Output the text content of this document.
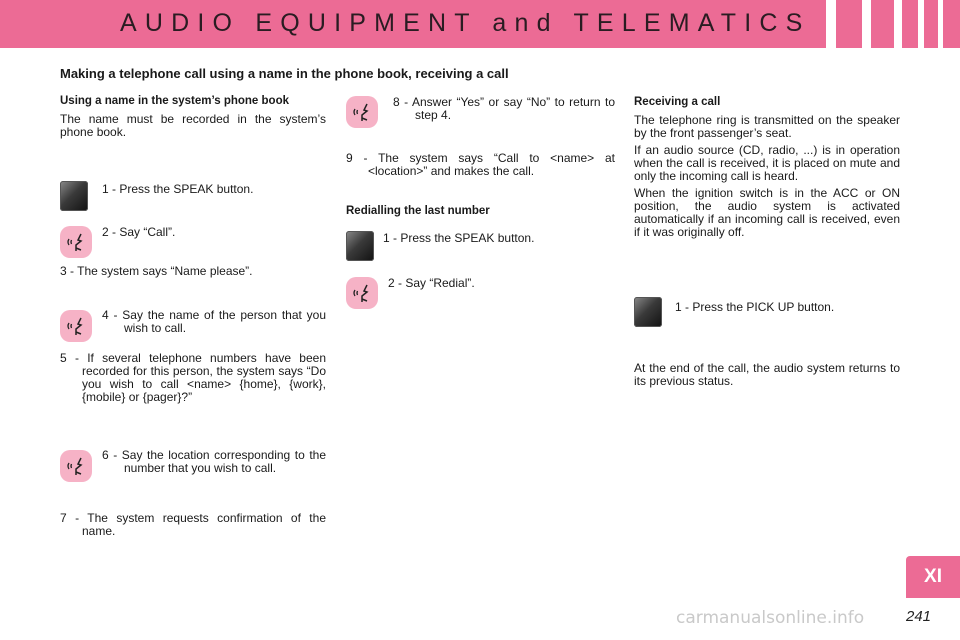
AUDIO EQUIPMENT and TELEMATICS
Making a telephone call using a name in the phone book, receiving a call
Using a name in the system’s phone book
The name must be recorded in the system’s phone book.
1 - Press the SPEAK button.
2 - Say “Call”.
3 - The system says “Name please”.
4 - Say the name of the person that you wish to call.
5 - If several telephone numbers have been recorded for this person, the system says “Do you wish to call <name> {home}, {work}, {mobile} or {pager}?”
6 - Say the location corresponding to the number that you wish to call.
7 - The system requests confirmation of the name.
8 - Answer “Yes” or say “No” to return to step 4.
9 - The system says “Call to <name> at <location>” and makes the call.
Redialling the last number
1 - Press the SPEAK button.
2 - Say “Redial”.
Receiving a call
The telephone ring is transmitted on the speaker by the front passenger’s seat.
If an audio source (CD, radio, ...) is in operation when the call is received, it is placed on mute and only the incoming call is heard.
When the ignition switch is in the ACC or ON position, the audio system is activated automatically if an incoming call is received, even if it was originally off.
1 - Press the PICK UP button.
At the end of the call, the audio system returns to its previous status.
XI
carmanualsonline.info	241
